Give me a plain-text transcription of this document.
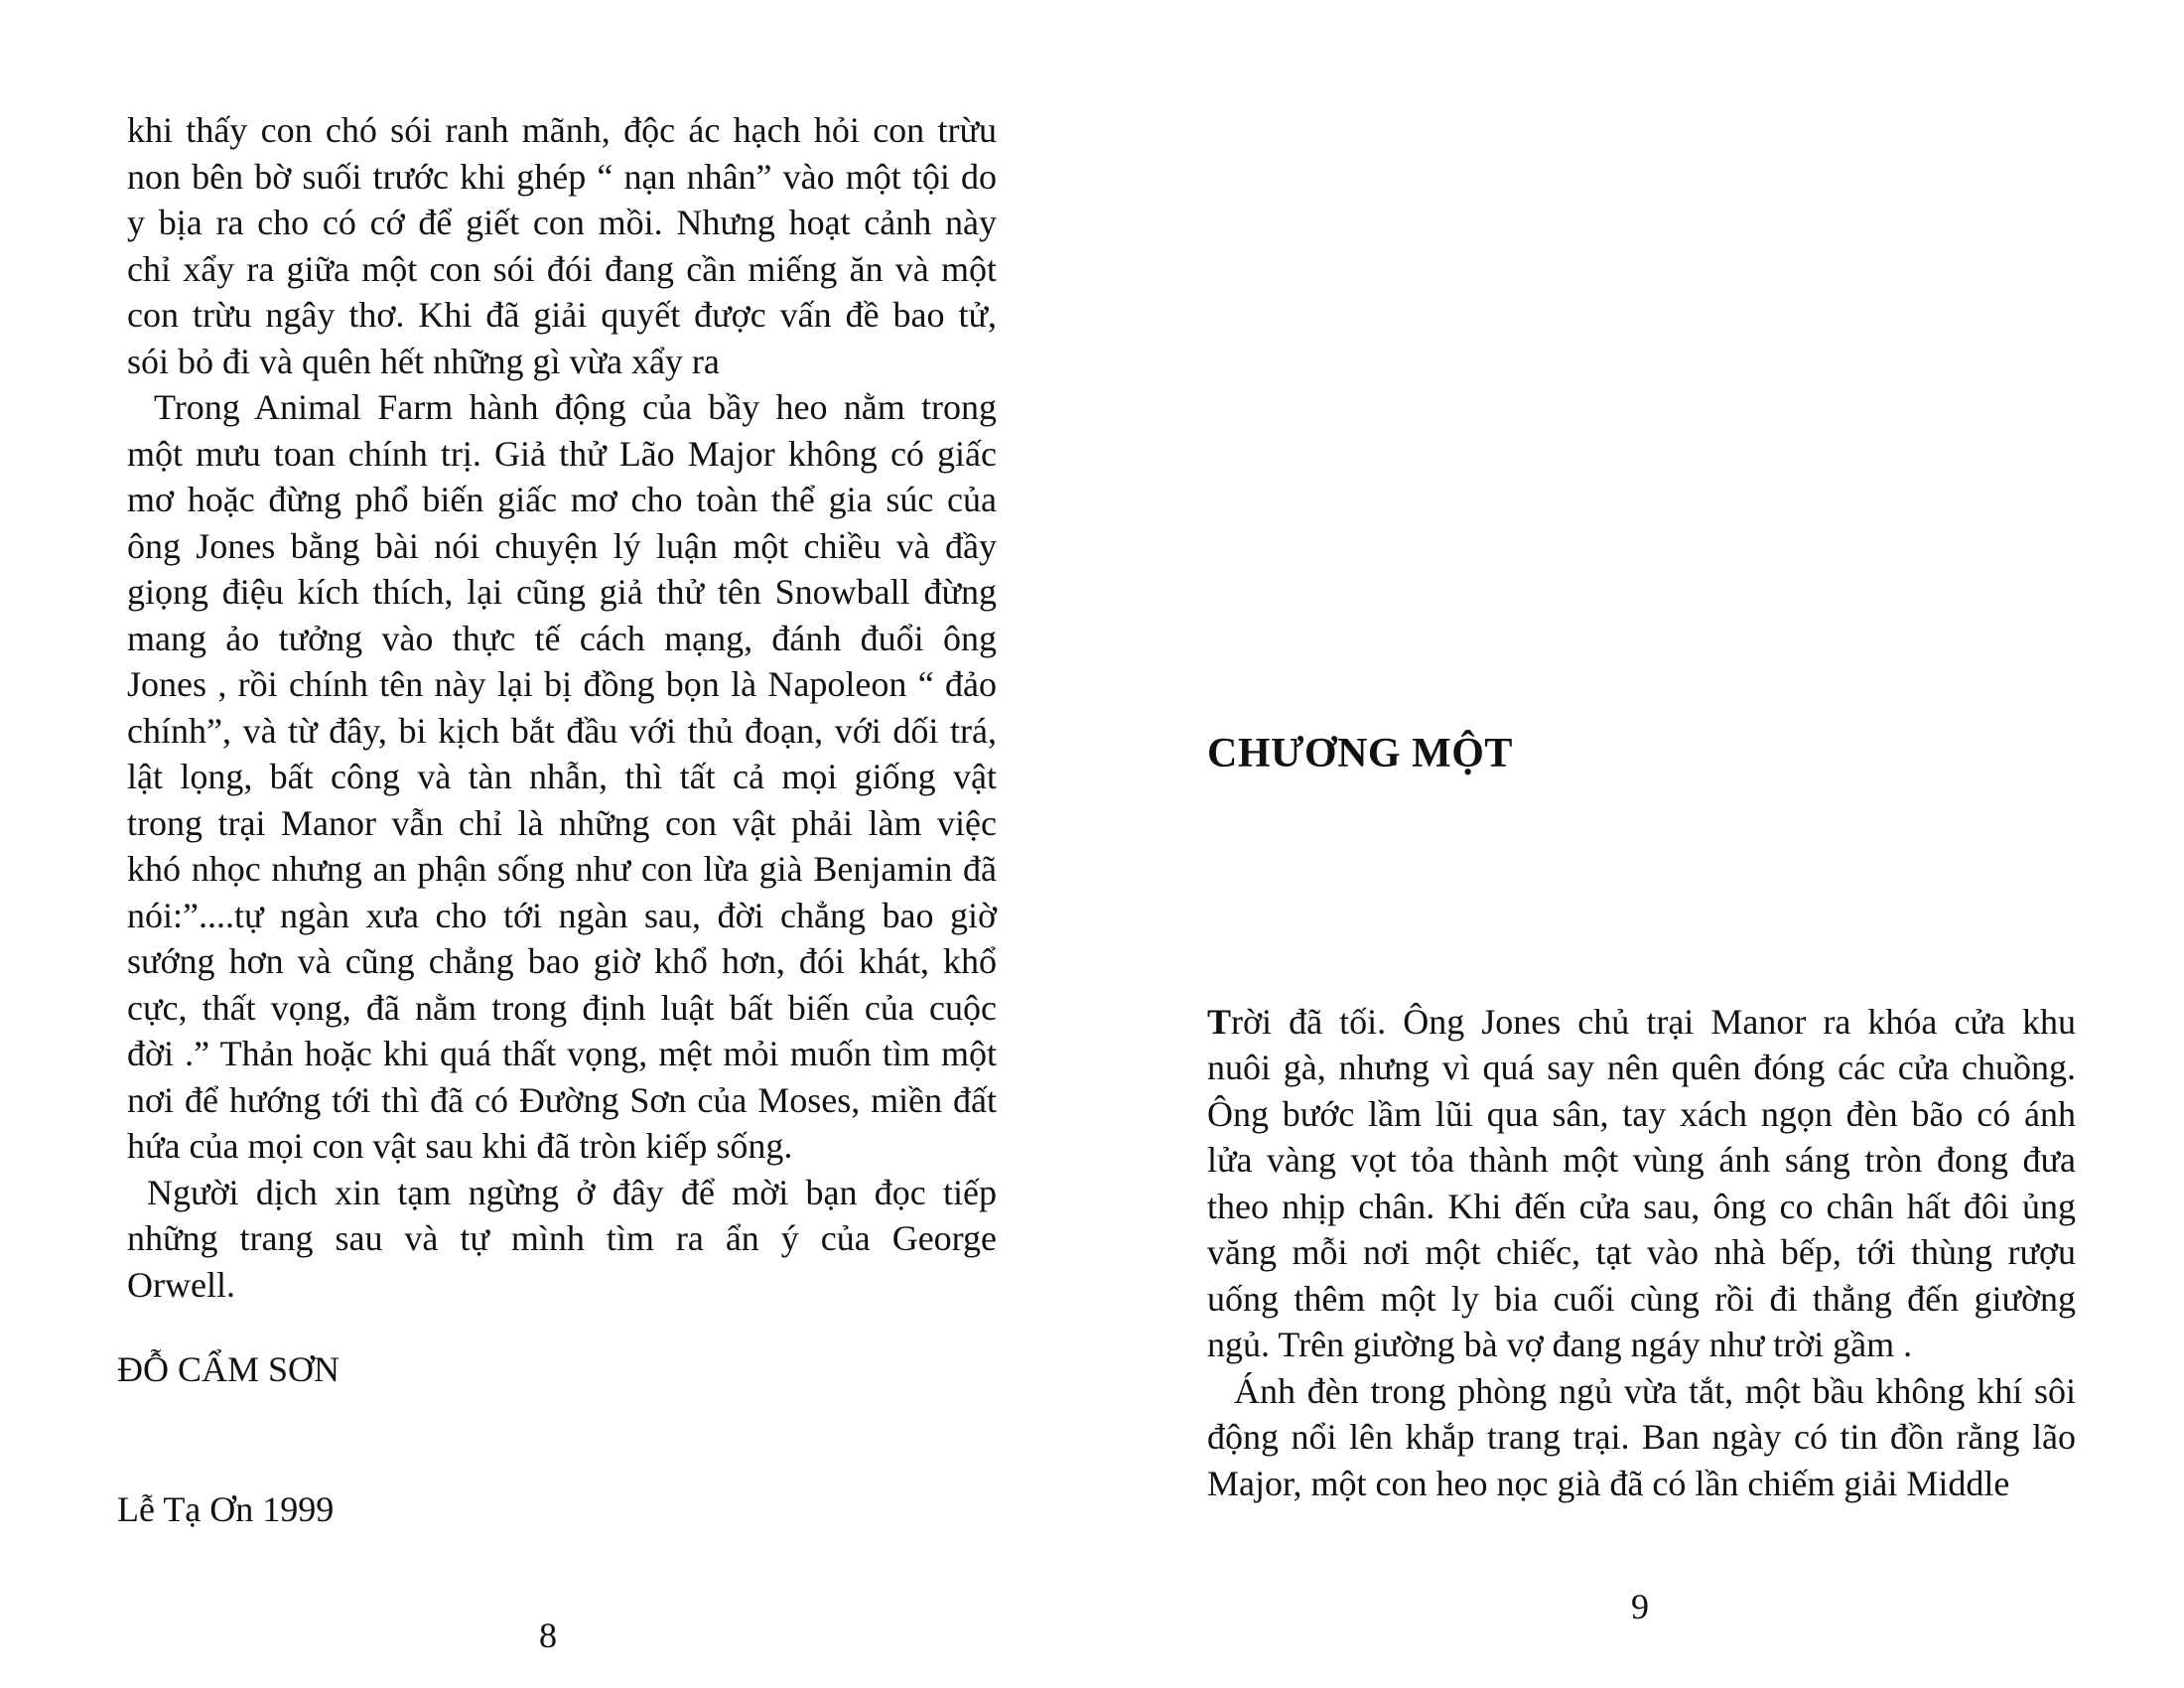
khi thấy con chó sói ranh mãnh, độc ác hạch hỏi con trừu
non bên bờ suối trước khi ghép “ nạn nhân” vào một tội do
y bịa ra cho có cớ để giết con mồi. Nhưng hoạt cảnh này
chỉ xẩy ra giữa một con sói đói đang cần miếng ăn và một
con trừu ngây thơ. Khi đã giải quyết được vấn đề bao tử,
sói bỏ đi và quên hết những gì vừa xẩy ra
Trong Animal Farm hành động của bầy heo nằm trong
một mưu toan chính trị. Giả thử Lão Major không có giấc
mơ hoặc đừng phổ biến giấc mơ cho toàn thể gia súc của
ông Jones bằng bài nói chuyện lý luận một chiều và đầy
giọng điệu kích thích, lại cũng giả thử tên Snowball đừng
mang ảo tưởng vào thực tế cách mạng, đánh đuổi ông
Jones , rồi chính tên này lại bị đồng bọn là Napoleon “ đảo
chính”, và từ đây, bi kịch bắt đầu với thủ đoạn, với dối trá,
lật lọng, bất công và tàn nhẫn, thì tất cả mọi giống vật
trong trại Manor vẫn chỉ là những con vật phải làm việc
khó nhọc nhưng an phận sống như con lừa già Benjamin đã
nói:”....tự ngàn xưa cho tới ngàn sau, đời chẳng bao giờ
sướng hơn và cũng chẳng bao giờ khổ hơn, đói khát, khổ
cực, thất vọng, đã nằm trong định luật bất biến của cuộc
đời .” Thản hoặc khi quá thất vọng, mệt mỏi muốn tìm một
nơi để hướng tới thì đã có Đường Sơn của Moses, miền đất
hứa của mọi con vật sau khi đã tròn kiếp sống.
Người dịch xin tạm ngừng ở đây để mời bạn đọc tiếp
những trang sau và tự mình tìm ra ẩn ý của George
Orwell.
ĐỖ CẨM SƠN
Lễ Tạ Ơn 1999
8
CHƯƠNG MỘT
Trời đã tối. Ông Jones chủ trại Manor ra khóa cửa khu
nuôi gà, nhưng vì quá say nên quên đóng các cửa chuồng.
Ông bước lầm lũi qua sân, tay xách ngọn đèn bão có ánh
lửa vàng vọt tỏa thành một vùng ánh sáng tròn đong đưa
theo nhịp chân. Khi đến cửa sau, ông co chân hất đôi ủng
văng mỗi nơi một chiếc, tạt vào nhà bếp, tới thùng rượu
uống thêm một ly bia cuối cùng rồi đi thẳng đến giường
ngủ. Trên giường bà vợ đang ngáy như trời gầm .
Ánh đèn trong phòng ngủ vừa tắt, một bầu không khí sôi
động nổi lên khắp trang trại. Ban ngày có tin đồn rằng lão
Major, một con heo nọc già đã có lần chiếm giải Middle
9
